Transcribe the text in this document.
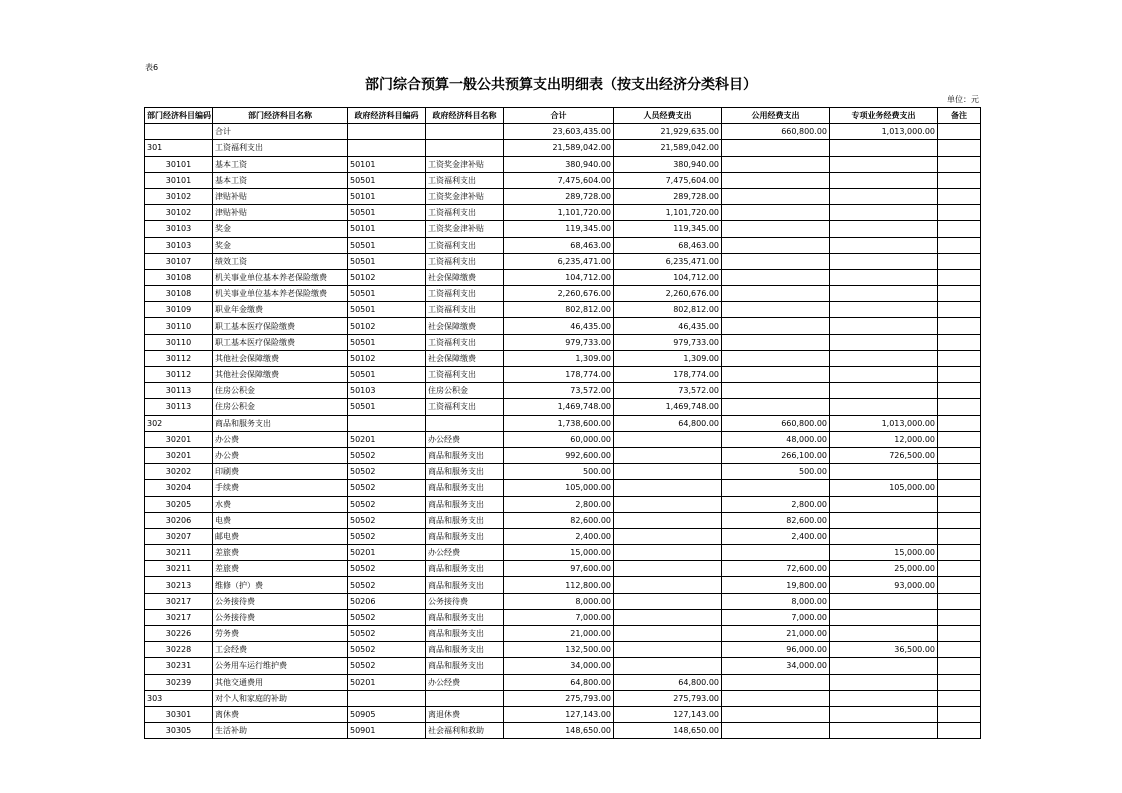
表6
部门综合预算一般公共预算支出明细表（按支出经济分类科目）
单位：元
部门经济科目编码	部门经济科目名称	政府经济科目编码	政府经济科目名称	合计	人员经费支出	公用经费支出	专项业务经费支出	备注
	合计			23,603,435.00	21,929,635.00	660,800.00	1,013,000.00	
301	工资福利支出			21,589,042.00	21,589,042.00			
30101	基本工资	50101	工资奖金津补贴	380,940.00	380,940.00			
30101	基本工资	50501	工资福利支出	7,475,604.00	7,475,604.00			
30102	津贴补贴	50101	工资奖金津补贴	289,728.00	289,728.00			
30102	津贴补贴	50501	工资福利支出	1,101,720.00	1,101,720.00			
30103	奖金	50101	工资奖金津补贴	119,345.00	119,345.00			
30103	奖金	50501	工资福利支出	68,463.00	68,463.00			
30107	绩效工资	50501	工资福利支出	6,235,471.00	6,235,471.00			
30108	机关事业单位基本养老保险缴费	50102	社会保障缴费	104,712.00	104,712.00			
30108	机关事业单位基本养老保险缴费	50501	工资福利支出	2,260,676.00	2,260,676.00			
30109	职业年金缴费	50501	工资福利支出	802,812.00	802,812.00			
30110	职工基本医疗保险缴费	50102	社会保障缴费	46,435.00	46,435.00			
30110	职工基本医疗保险缴费	50501	工资福利支出	979,733.00	979,733.00			
30112	其他社会保障缴费	50102	社会保障缴费	1,309.00	1,309.00			
30112	其他社会保障缴费	50501	工资福利支出	178,774.00	178,774.00			
30113	住房公积金	50103	住房公积金	73,572.00	73,572.00			
30113	住房公积金	50501	工资福利支出	1,469,748.00	1,469,748.00			
302	商品和服务支出			1,738,600.00	64,800.00	660,800.00	1,013,000.00	
30201	办公费	50201	办公经费	60,000.00		48,000.00	12,000.00	
30201	办公费	50502	商品和服务支出	992,600.00		266,100.00	726,500.00	
30202	印刷费	50502	商品和服务支出	500.00		500.00		
30204	手续费	50502	商品和服务支出	105,000.00			105,000.00	
30205	水费	50502	商品和服务支出	2,800.00		2,800.00		
30206	电费	50502	商品和服务支出	82,600.00		82,600.00		
30207	邮电费	50502	商品和服务支出	2,400.00		2,400.00		
30211	差旅费	50201	办公经费	15,000.00			15,000.00	
30211	差旅费	50502	商品和服务支出	97,600.00		72,600.00	25,000.00	
30213	维修（护）费	50502	商品和服务支出	112,800.00		19,800.00	93,000.00	
30217	公务接待费	50206	公务接待费	8,000.00		8,000.00		
30217	公务接待费	50502	商品和服务支出	7,000.00		7,000.00		
30226	劳务费	50502	商品和服务支出	21,000.00		21,000.00		
30228	工会经费	50502	商品和服务支出	132,500.00		96,000.00	36,500.00	
30231	公务用车运行维护费	50502	商品和服务支出	34,000.00		34,000.00		
30239	其他交通费用	50201	办公经费	64,800.00	64,800.00			
303	对个人和家庭的补助			275,793.00	275,793.00			
30301	离休费	50905	离退休费	127,143.00	127,143.00			
30305	生活补助	50901	社会福利和救助	148,650.00	148,650.00			
